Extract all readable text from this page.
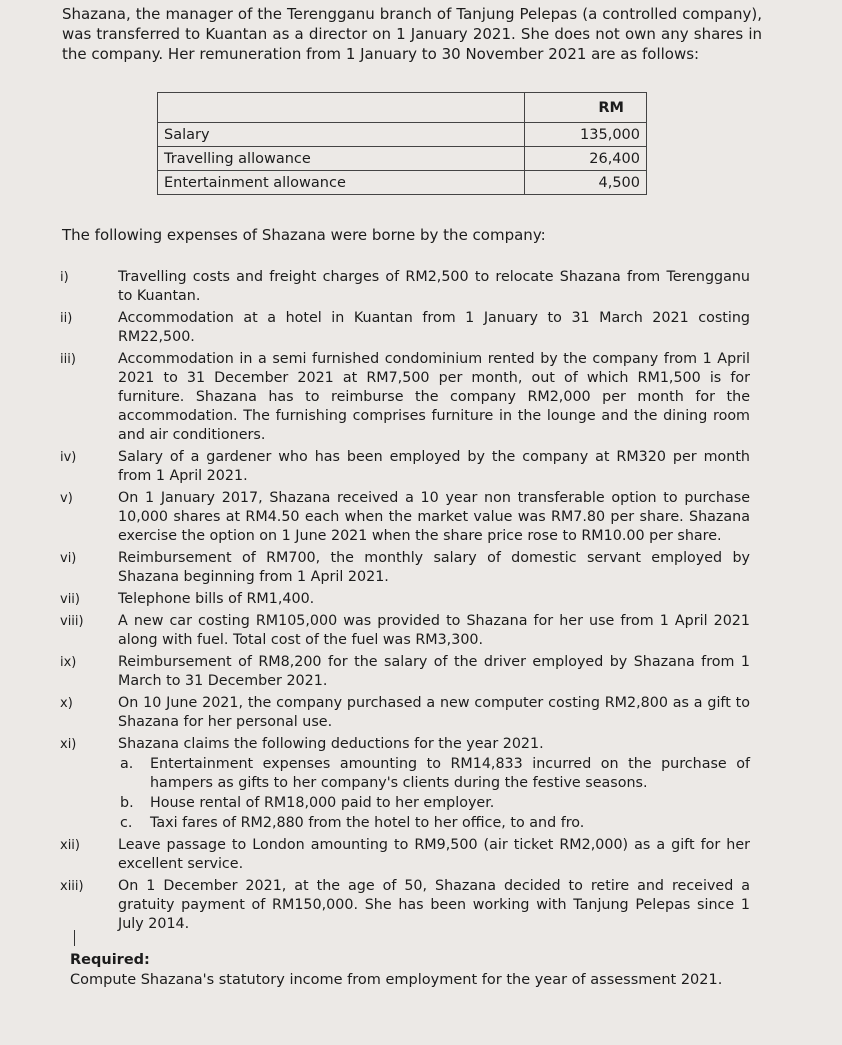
Shazana, the manager of the Terengganu branch of Tanjung Pelepas (a controlled company), was transferred to Kuantan as a director on 1 January 2021. She does not own any shares in the company. Her remuneration from 1 January to 30 November 2021 are as follows:

	RM
Salary	135,000
Travelling allowance	26,400
Entertainment allowance	4,500

The following expenses of Shazana were borne by the company:

i)	Travelling costs and freight charges of RM2,500 to relocate Shazana from Terengganu to Kuantan.
ii)	Accommodation at a hotel in Kuantan from 1 January to 31 March 2021 costing RM22,500.
iii)	Accommodation in a semi furnished condominium rented by the company from 1 April 2021 to 31 December 2021 at RM7,500 per month, out of which RM1,500 is for furniture. Shazana has to reimburse the company RM2,000 per month for the accommodation. The furnishing comprises furniture in the lounge and the dining room and air conditioners.
iv)	Salary of a gardener who has been employed by the company at RM320 per month from 1 April 2021.
v)	On 1 January 2017, Shazana received a 10 year non transferable option to purchase 10,000 shares at RM4.50 each when the market value was RM7.80 per share. Shazana exercise the option on 1 June 2021 when the share price rose to RM10.00 per share.
vi)	Reimbursement of RM700, the monthly salary of domestic servant employed by Shazana beginning from 1 April 2021.
vii)	Telephone bills of RM1,400.
viii)	A new car costing RM105,000 was provided to Shazana for her use from 1 April 2021 along with fuel. Total cost of the fuel was RM3,300.
ix)	Reimbursement of RM8,200 for the salary of the driver employed by Shazana from 1 March to 31 December 2021.
x)	On 10 June 2021, the company purchased a new computer costing RM2,800 as a gift to Shazana for her personal use.
xi)	Shazana claims the following deductions for the year 2021.
a.	Entertainment expenses amounting to RM14,833 incurred on the purchase of hampers as gifts to her company's clients during the festive seasons.
b.	House rental of RM18,000 paid to her employer.
c.	Taxi fares of RM2,880 from the hotel to her office, to and fro.
xii)	Leave passage to London amounting to RM9,500 (air ticket RM2,000) as a gift for her excellent service.
xiii)	On 1 December 2021, at the age of 50, Shazana decided to retire and received a gratuity payment of RM150,000. She has been working with Tanjung Pelepas since 1 July 2014.
Required:
Compute Shazana's statutory income from employment for the year of assessment 2021.
